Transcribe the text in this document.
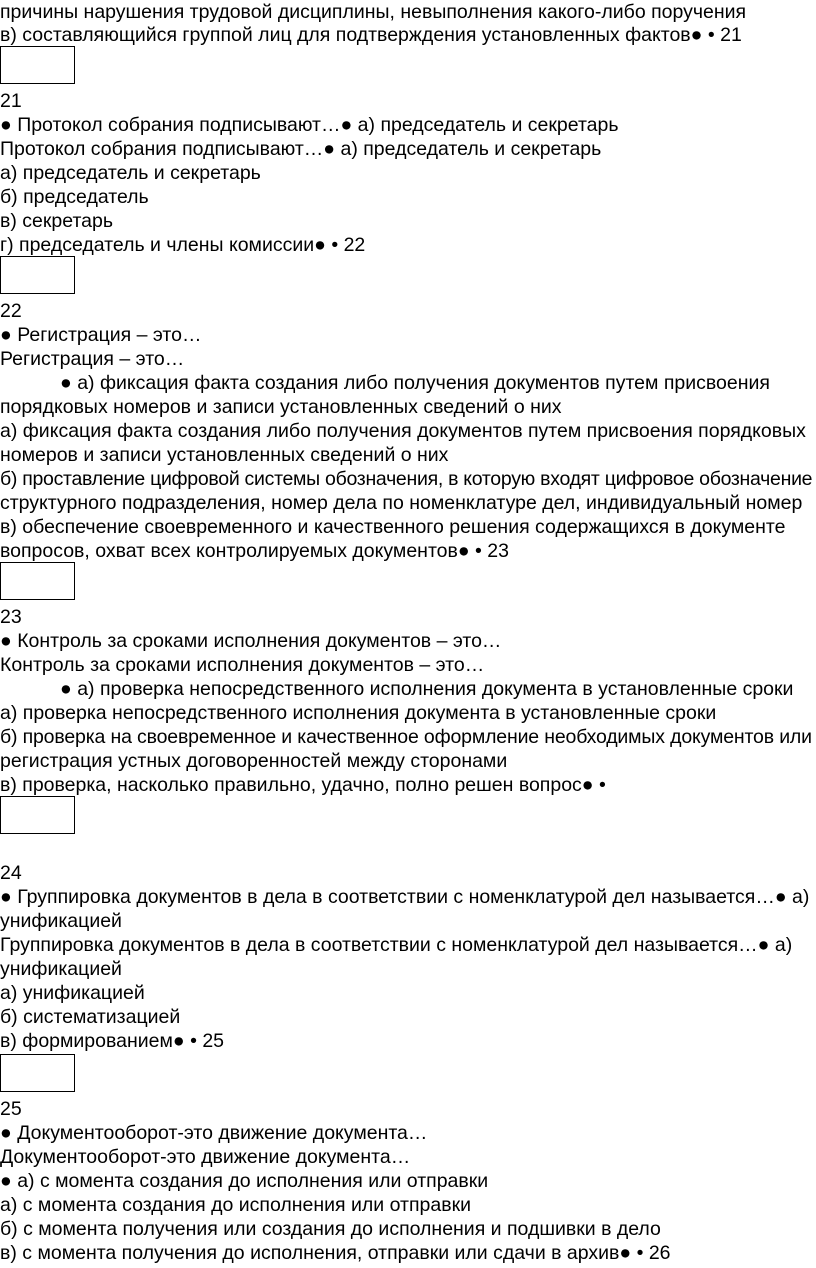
причины нарушения трудовой дисциплины, невыполнения какого-либо поручения
в) составляющийся группой лиц для подтверждения установленных фактов● • 21
21
● Протокол собрания подписывают…● а) председатель и секретарь
Протокол собрания подписывают…● а) председатель и секретарь
а) председатель и секретарь
б) председатель
в) секретарь
г) председатель и члены комиссии● • 22
22
● Регистрация – это…
Регистрация – это…
● а) фиксация факта создания либо получения документов путем присвоения
порядковых номеров и записи установленных сведений о них
а) фиксация факта создания либо получения документов путем присвоения порядковых
номеров и записи установленных сведений о них
б) проставление цифровой системы обозначения, в которую входят цифровое обозначение
структурного подразделения, номер дела по номенклатуре дел, индивидуальный номер
в) обеспечение своевременного и качественного решения содержащихся в документе
вопросов, охват всех контролируемых документов● • 23
23
● Контроль за сроками исполнения документов – это…
Контроль за сроками исполнения документов – это…
● а) проверка непосредственного исполнения документа в установленные сроки
а) проверка непосредственного исполнения документа в установленные сроки
б) проверка на своевременное и качественное оформление необходимых документов или
регистрация устных договоренностей между сторонами
в) проверка, насколько правильно, удачно, полно решен вопрос● •
24
● Группировка документов в дела в соответствии с номенклатурой дел называется…● а)
унификацией
Группировка документов в дела в соответствии с номенклатурой дел называется…● а)
унификацией
а) унификацией
б) систематизацией
в) формированием● • 25
25
● Документооборот-это движение документа…
Документооборот-это движение документа…
● а) с момента создания до исполнения или отправки
а) с момента создания до исполнения или отправки
б) с момента получения или создания до исполнения и подшивки в дело
в) с момента получения до исполнения, отправки или сдачи в архив● • 26
